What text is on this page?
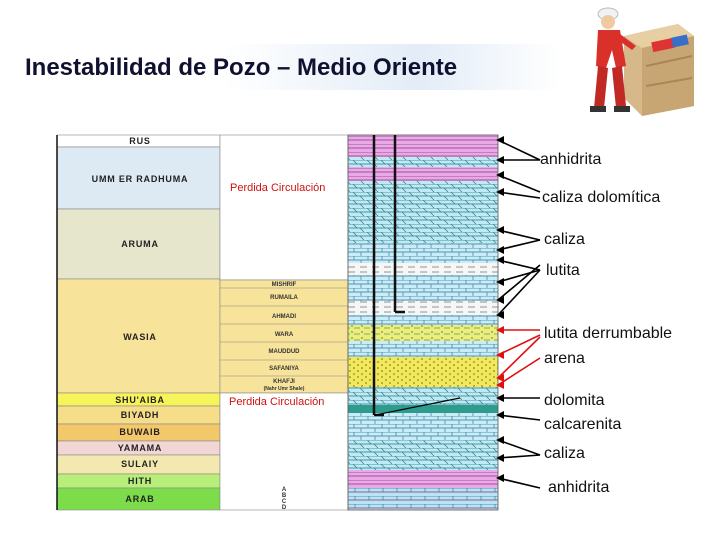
Inestabilidad de Pozo – Medio Oriente
RUS
UMM ER RADHUMA
ARUMA
WASIA
SHU'AIBA
BIYADH
BUWAIB
YAMAMA
SULAIY
HITH
ARAB
MISHRIF
RUMAILA
AHMADI
WARA
MAUDDUD
SAFANIYA
KHAFJI
(Nahr Umr Shale)
A
B
C
D
Perdida Circulación
Perdida Circulación
anhidrita
caliza dolomítica
caliza
lutita
lutita derrumbable
arena
dolomita
calcarenita
caliza
anhidrita
